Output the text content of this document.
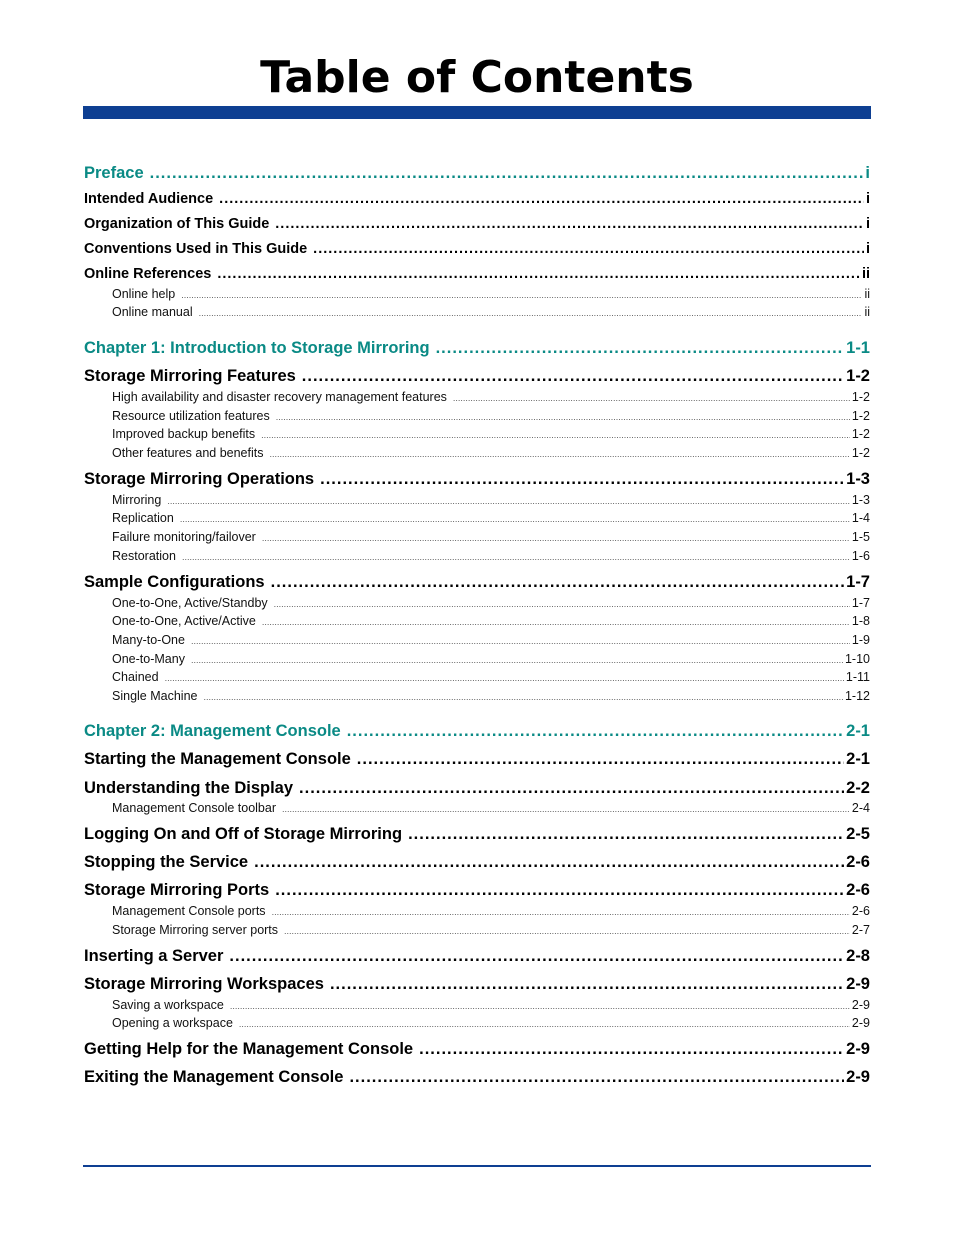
Table of Contents
Preface .....	i
Intended Audience .....	i
Organization of This Guide .....	i
Conventions Used in This Guide .....	i
Online References .....	ii
Online help .....	ii
Online manual .....	ii
Chapter 1: Introduction to Storage Mirroring .....	1-1
Storage Mirroring Features .....	1-2
High availability and disaster recovery management features .....	1-2
Resource utilization features .....	1-2
Improved backup benefits .....	1-2
Other features and benefits .....	1-2
Storage Mirroring Operations .....	1-3
Mirroring .....	1-3
Replication .....	1-4
Failure monitoring/failover .....	1-5
Restoration .....	1-6
Sample Configurations .....	1-7
One-to-One, Active/Standby .....	1-7
One-to-One, Active/Active .....	1-8
Many-to-One .....	1-9
One-to-Many .....	1-10
Chained .....	1-11
Single Machine .....	1-12
Chapter 2: Management Console .....	2-1
Starting the Management Console .....	2-1
Understanding the Display .....	2-2
Management Console toolbar .....	2-4
Logging On and Off of Storage Mirroring .....	2-5
Stopping the Service .....	2-6
Storage Mirroring Ports .....	2-6
Management Console ports .....	2-6
Storage Mirroring server ports .....	2-7
Inserting a Server .....	2-8
Storage Mirroring Workspaces .....	2-9
Saving a workspace .....	2-9
Opening a workspace .....	2-9
Getting Help for the Management Console .....	2-9
Exiting the Management Console .....	2-9
